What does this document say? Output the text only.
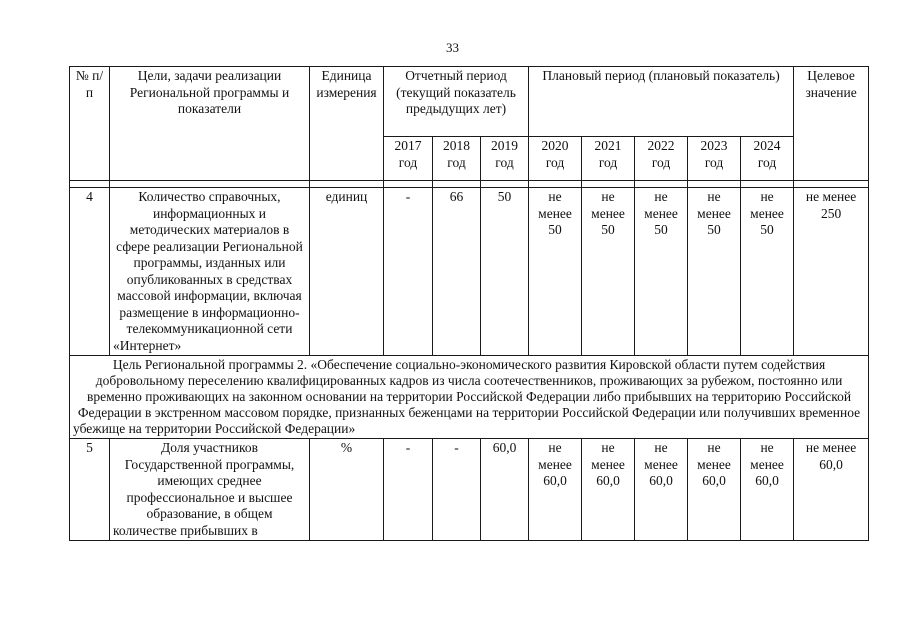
33
№ п/п	Цели, задачи реализации Региональной программы и показатели	Единица измерения	Отчетный период (текущий показатель предыдущих лет)			Плановый период (плановый показатель)					Целевое значение
			2017 год	2018 год	2019 год	2020 год	2021 год	2022 год	2023 год	2024 год	

4	Количество справочных, информационных и методических материалов в сфере реализации Региональной программы, изданных или опубликованных в средствах массовой информации, включая размещение в информационно-телекоммуникационной сети «Интернет»	единиц	-	66	50	не менее 50	не менее 50	не менее 50	не менее 50	не менее 50	не менее 250
Цель Региональной программы 2. «Обеспечение социально-экономического развития Кировской области путем содействия добровольному переселению квалифицированных кадров из числа соотечественников, проживающих за рубежом, постоянно или временно проживающих на законном основании на территории Российской Федерации либо прибывших на территорию Российской Федерации в экстренном массовом порядке, признанных беженцами на территории Российской Федерации или получивших временное убежище на территории Российской Федерации»											
5	Доля участников Государственной программы, имеющих среднее профессиональное и высшее образование, в общем количестве прибывших в	%	-	-	60,0	не менее 60,0	не менее 60,0	не менее 60,0	не менее 60,0	не менее 60,0	не менее 60,0
